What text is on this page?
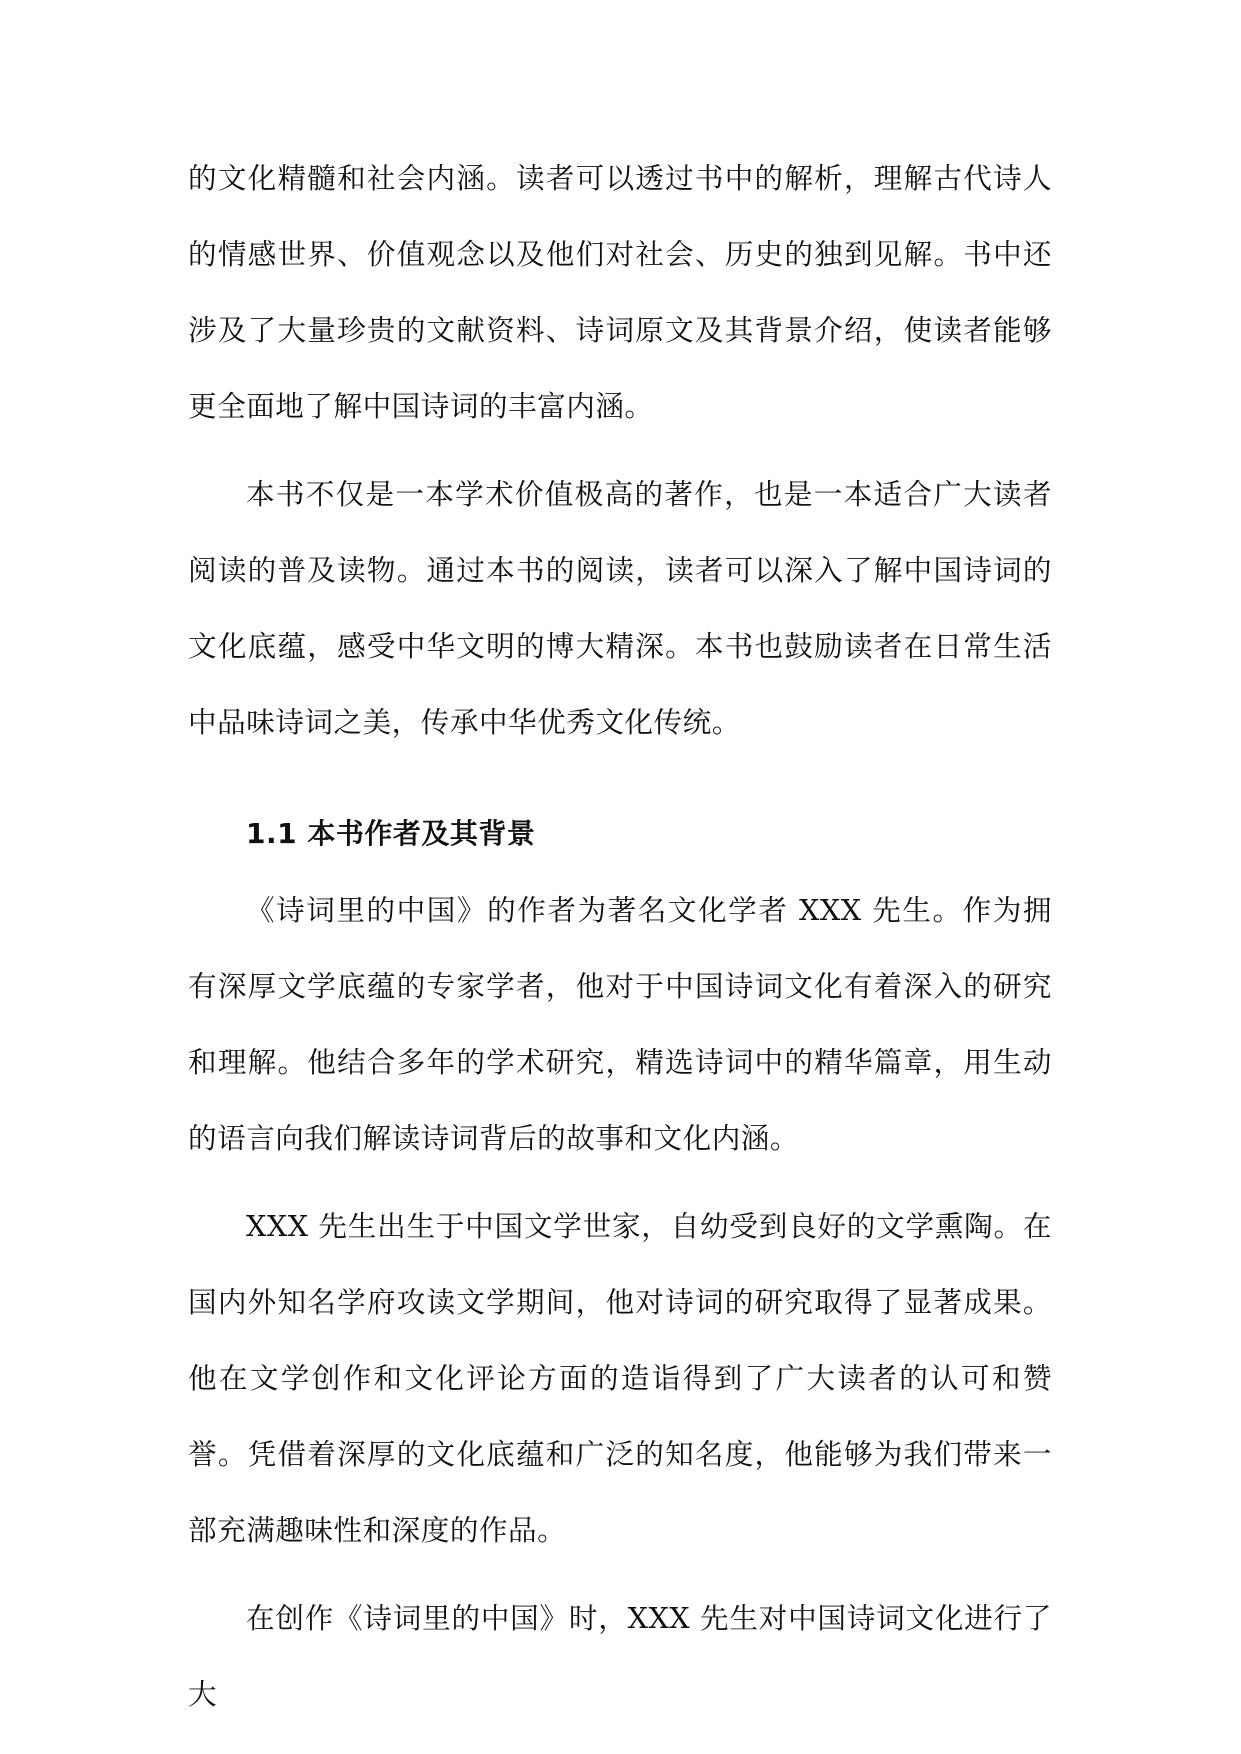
的文化精髓和社会内涵。读者可以透过书中的解析，理解古代诗人的情感世界、价值观念以及他们对社会、历史的独到见解。书中还涉及了大量珍贵的文献资料、诗词原文及其背景介绍，使读者能够更全面地了解中国诗词的丰富内涵。

本书不仅是一本学术价值极高的著作，也是一本适合广大读者阅读的普及读物。通过本书的阅读，读者可以深入了解中国诗词的文化底蕴，感受中华文明的博大精深。本书也鼓励读者在日常生活中品味诗词之美，传承中华优秀文化传统。

1.1 本书作者及其背景

《诗词里的中国》的作者为著名文化学者 XXX 先生。作为拥有深厚文学底蕴的专家学者，他对于中国诗词文化有着深入的研究和理解。他结合多年的学术研究，精选诗词中的精华篇章，用生动的语言向我们解读诗词背后的故事和文化内涵。

XXX 先生出生于中国文学世家，自幼受到良好的文学熏陶。在国内外知名学府攻读文学期间，他对诗词的研究取得了显著成果。他在文学创作和文化评论方面的造诣得到了广大读者的认可和赞誉。凭借着深厚的文化底蕴和广泛的知名度，他能够为我们带来一部充满趣味性和深度的作品。

在创作《诗词里的中国》时，XXX 先生对中国诗词文化进行了大
